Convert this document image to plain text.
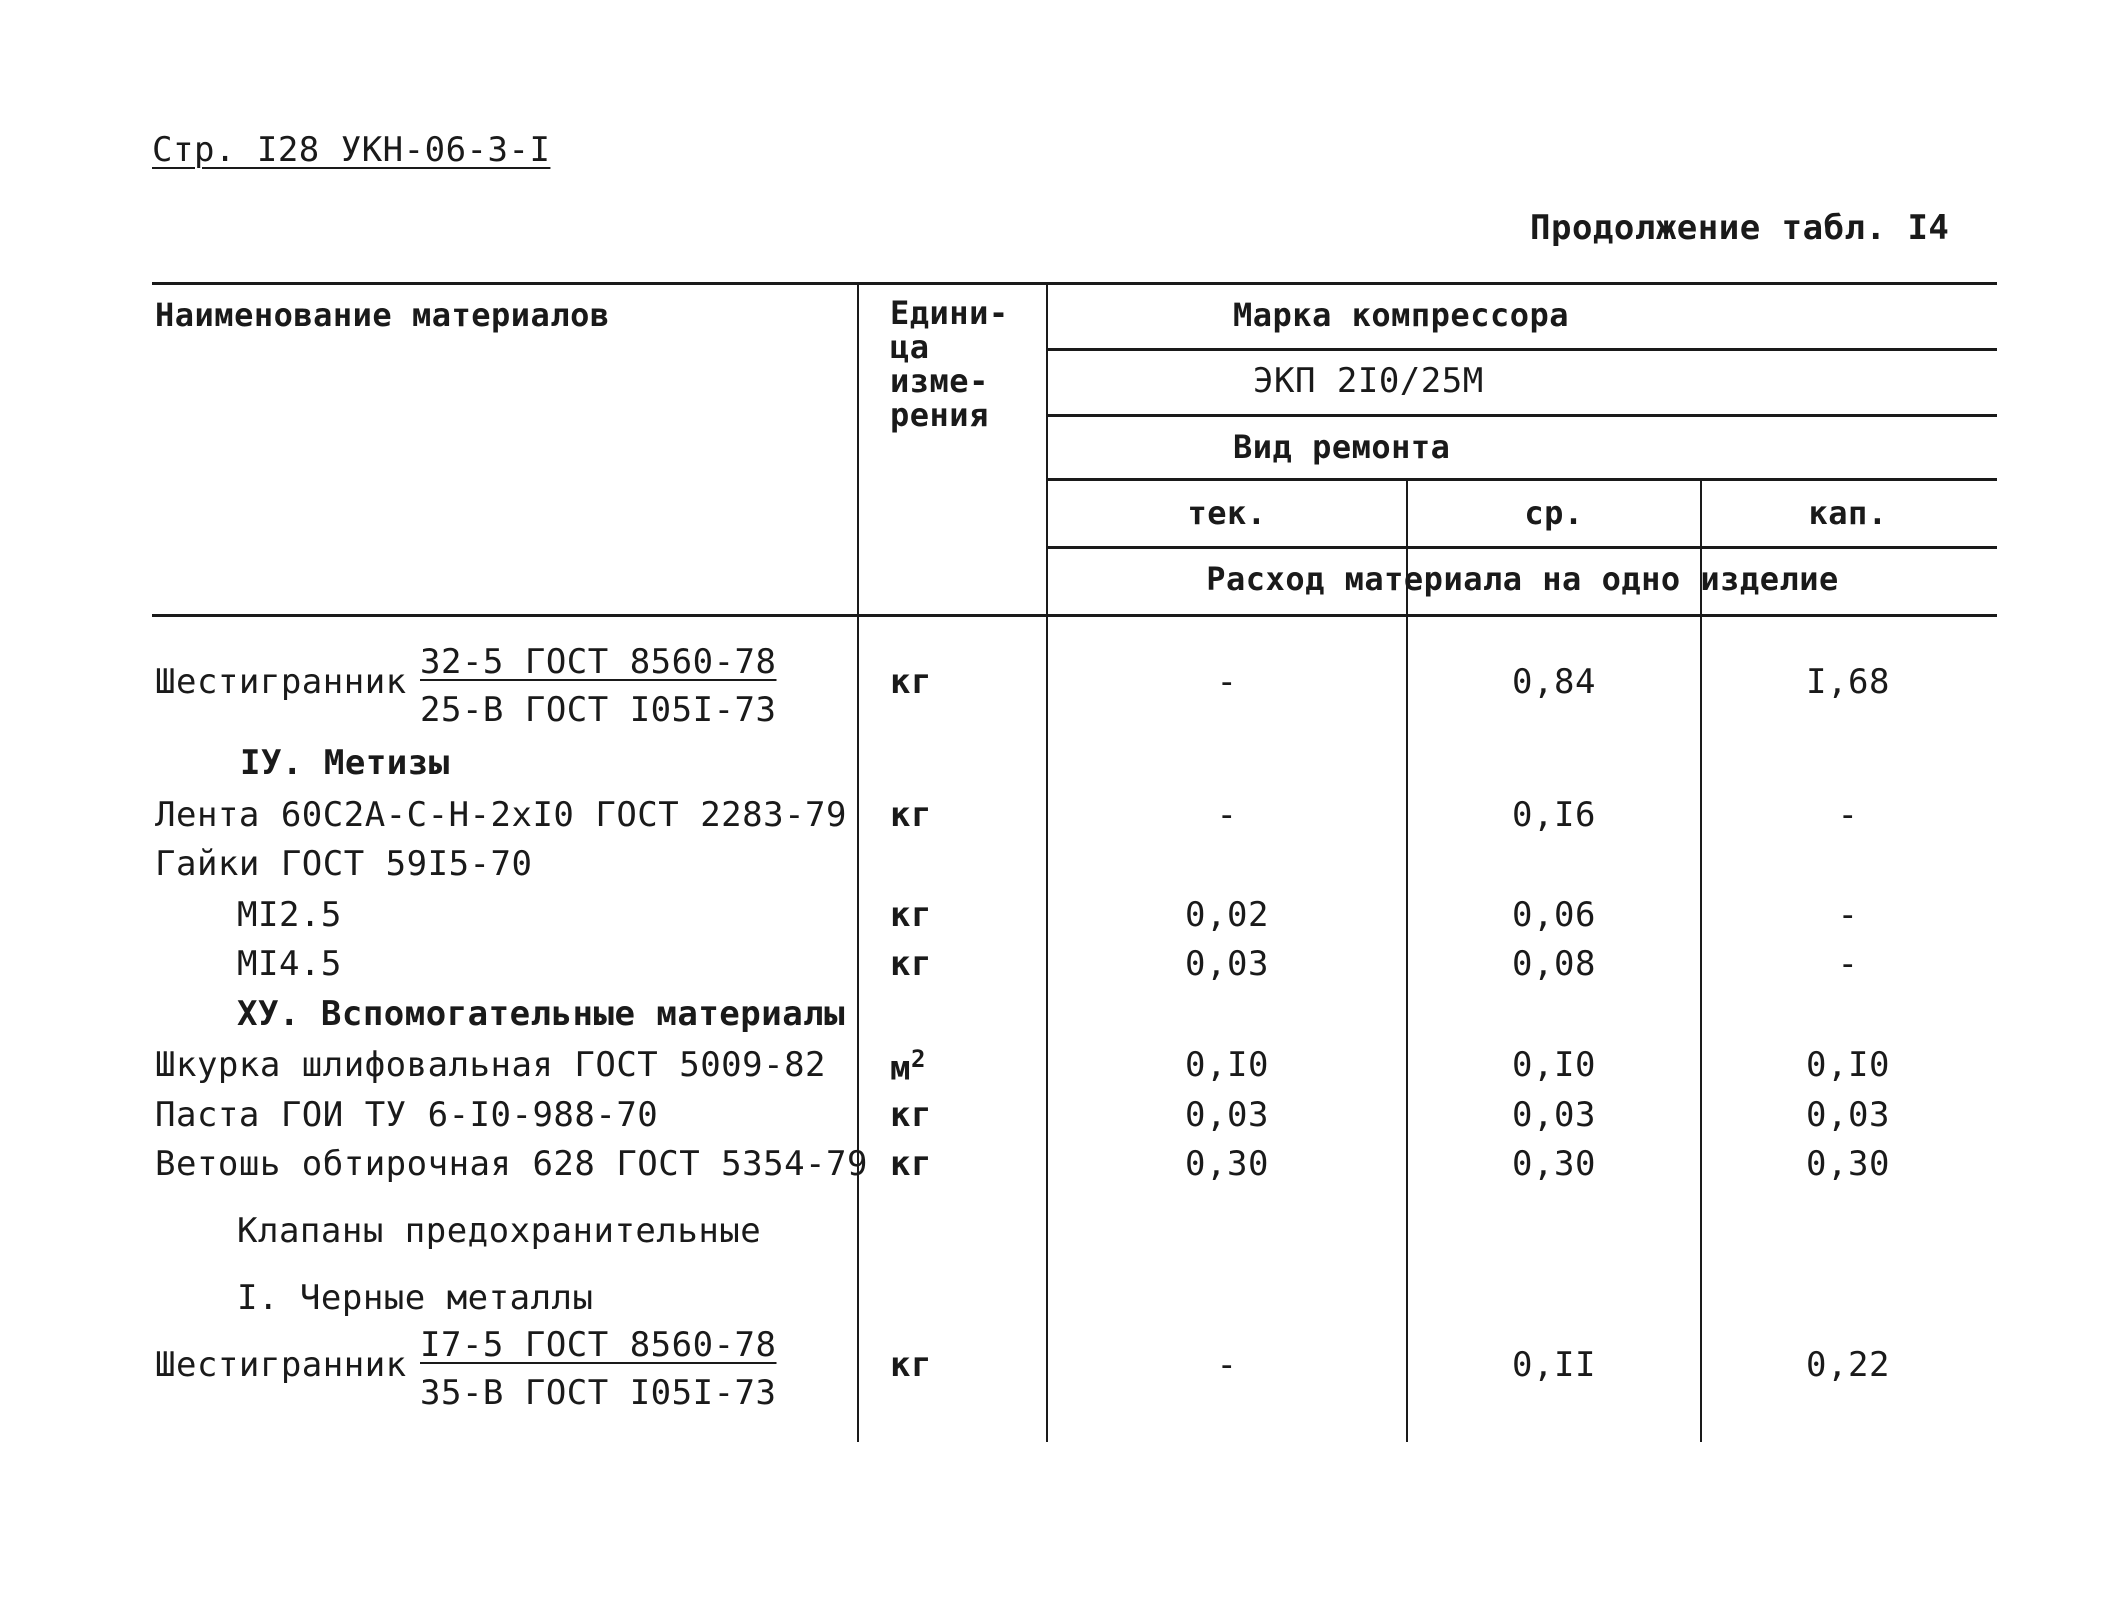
Стр. I28 УКН-06-3-I
Продолжение табл. I4
Наименование материалов	Едини-
ца
изме-
рения
Марка компрессора
ЭКП 2I0/25М
Вид ремонта
тек.	ср.	кап.
Расход материала на одно изделие
Шестигранник 32-5 ГОСТ 8560-78
25-В ГОСТ I05I-73
кг	-	0,84	I,68
IУ. Метизы
Лента 60С2А-С-Н-2хI0 ГОСТ 2283-79 кг	-	0,I6	-
Гайки ГОСТ 59I5-70
МI2.5	кг	0,02	0,06	-
МI4.5	кг	0,03	0,08	-
ХУ. Вспомогательные материалы
Шкурка шлифовальная ГОСТ 5009-82 $м^2$	0,I0	0,I0	0,I0
Паста ГОИ ТУ 6-I0-988-70	кг	0,03	0,03	0,03
Ветошь обтирочная 628 ГОСТ 5354-79 кг	0,30	0,30	0,30
Клапаны предохранительные
I. Черные металлы
Шестигранник I7-5 ГОСТ 8560-78
35-В ГОСТ I05I-73
кг	-	0,II	0,22
